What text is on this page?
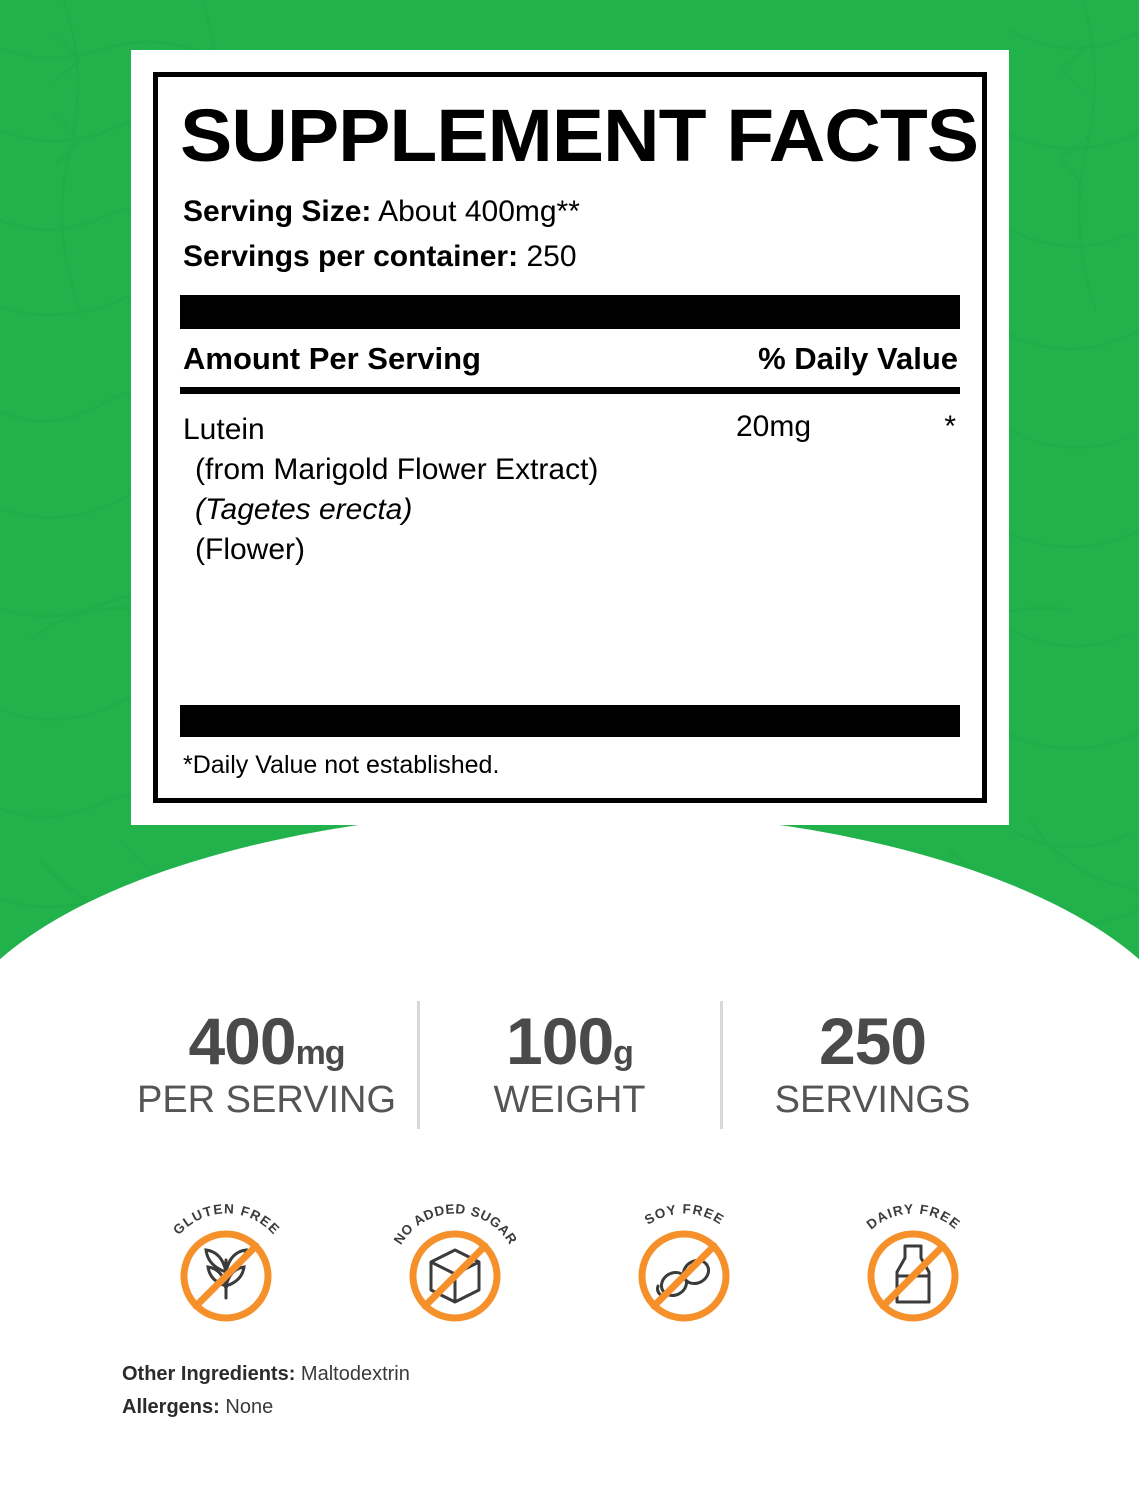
SUPPLEMENT FACTS
Serving Size: About 400mg**
Servings per container: 250
Amount Per Serving	% Daily Value
Lutein
(from Marigold Flower Extract)
(Tagetes erecta)
(Flower)
20mg	*
*Daily Value not established.
400mg
PER SERVING
100g
WEIGHT
250
SERVINGS
GLUTEN FREE
NO ADDED SUGAR
SOY FREE	DAIRY FREE
Other Ingredients: Maltodextrin
Allergens: None
